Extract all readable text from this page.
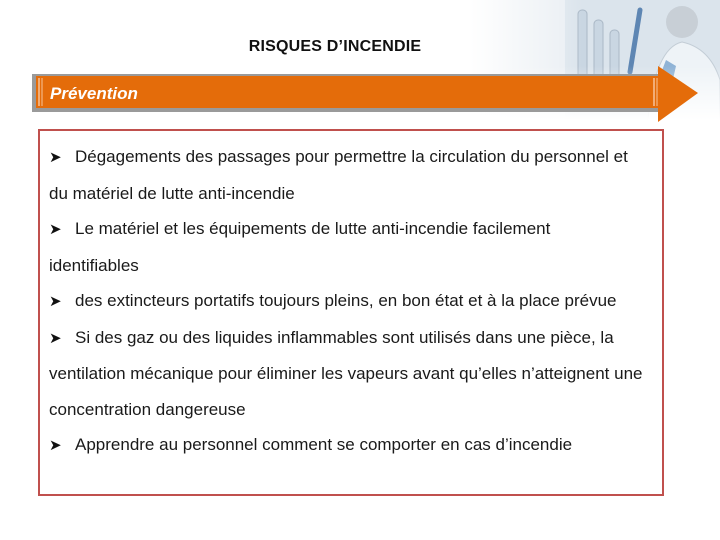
RISQUES D’INCENDIE
Prévention
➤ Dégagements des passages pour permettre la circulation du personnel et du matériel de lutte anti-incendie
➤ Le matériel et les équipements de lutte anti-incendie facilement identifiables
➤ des extincteurs portatifs toujours pleins, en bon état et à la place prévue
➤ Si des gaz ou des liquides inflammables sont utilisés dans une pièce, la ventilation mécanique pour éliminer les vapeurs avant qu’elles n’atteignent une concentration dangereuse
➤ Apprendre au personnel comment se comporter en cas d’incendie
